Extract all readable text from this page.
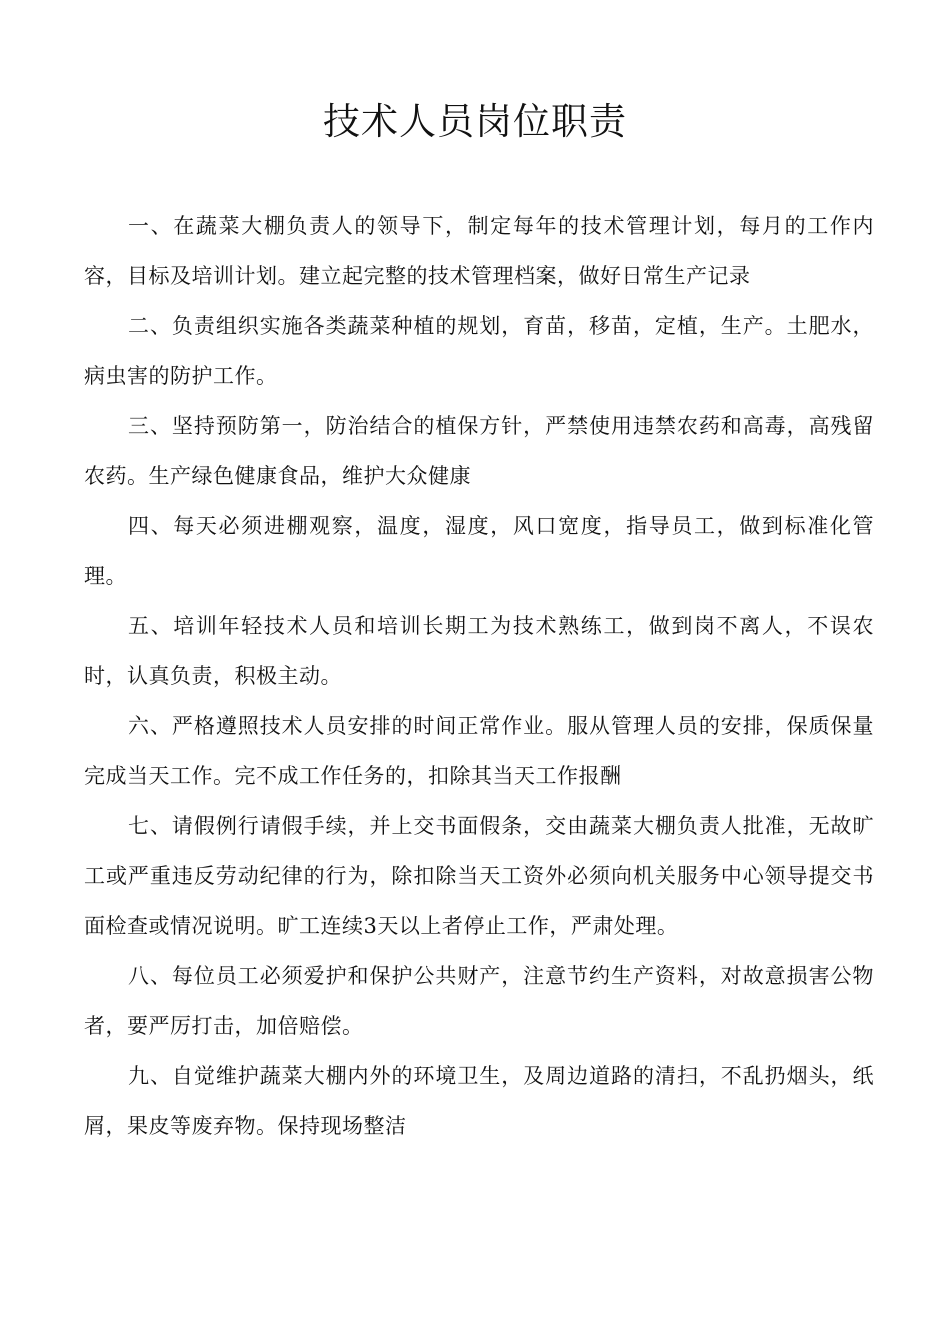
技术人员岗位职责

一、在蔬菜大棚负责人的领导下，制定每年的技术管理计划，每月的工作内容，目标及培训计划。建立起完整的技术管理档案，做好日常生产记录

二、负责组织实施各类蔬菜种植的规划，育苗，移苗，定植，生产。土肥水，病虫害的防护工作。

三、坚持预防第一，防治结合的植保方针，严禁使用违禁农药和高毒，高残留农药。生产绿色健康食品，维护大众健康

四、每天必须进棚观察，温度，湿度，风口宽度，指导员工，做到标准化管理。

五、培训年轻技术人员和培训长期工为技术熟练工，做到岗不离人，不误农时，认真负责，积极主动。

六、严格遵照技术人员安排的时间正常作业。服从管理人员的安排，保质保量完成当天工作。完不成工作任务的，扣除其当天工作报酬

七、请假例行请假手续，并上交书面假条，交由蔬菜大棚负责人批准，无故旷工或严重违反劳动纪律的行为，除扣除当天工资外必须向机关服务中心领导提交书面检查或情况说明。旷工连续3天以上者停止工作，严肃处理。

八、每位员工必须爱护和保护公共财产，注意节约生产资料，对故意损害公物者，要严厉打击，加倍赔偿。

九、自觉维护蔬菜大棚内外的环境卫生，及周边道路的清扫，不乱扔烟头，纸屑，果皮等废弃物。保持现场整洁
